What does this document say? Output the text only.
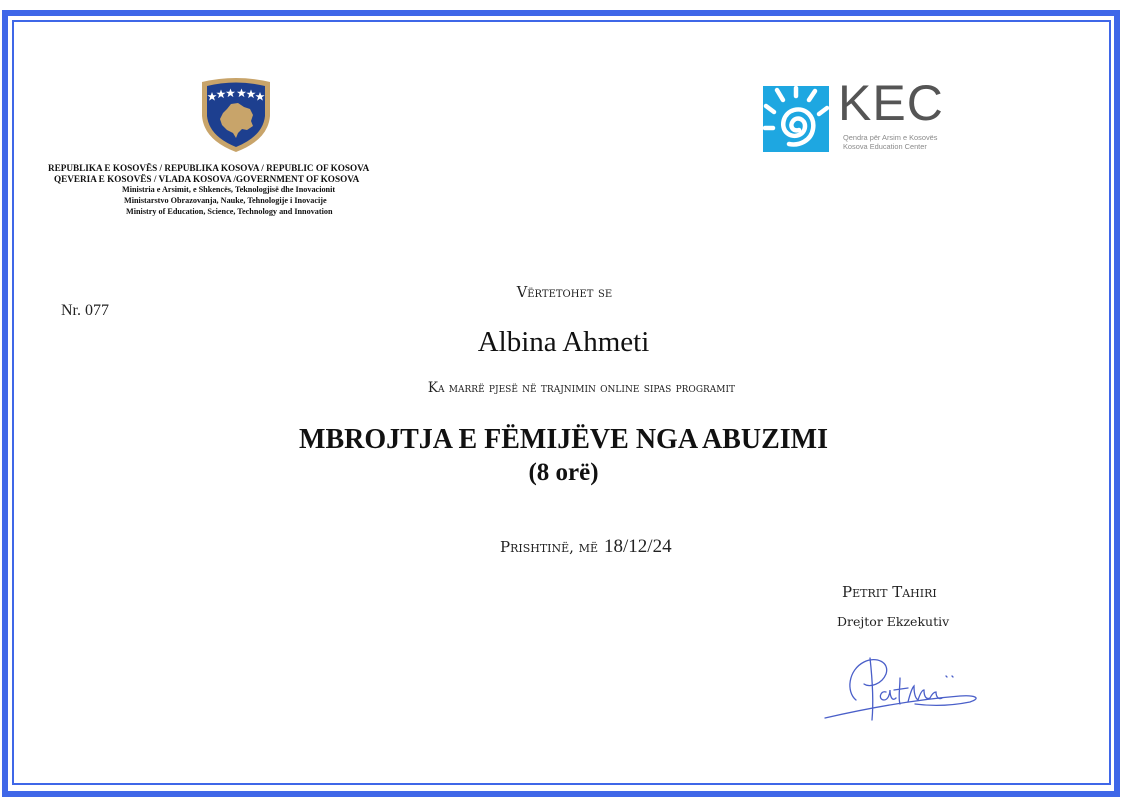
REPUBLIKA E KOSOVËS / REPUBLIKA KOSOVA / REPUBLIC OF KOSOVA
QEVERIA E KOSOVËS / VLADA KOSOVA /GOVERNMENT OF KOSOVA
Ministria e Arsimit, e Shkencës, Teknologjisë dhe Inovacionit
Ministarstvo Obrazovanja, Nauke, Tehnologije i Inovacije
Ministry of Education, Science, Technology and Innovation
KEC
Qendra për Arsim e Kosovës
Kosova Education Center
Nr. 077
Vërtetohet se
Albina Ahmeti
Ka marrë pjesë në trajnimin online sipas programit
MBROJTJA E FËMIJËVE NGA ABUZIMI
(8 orë)
Prishtinë, më 18/12/24
Petrit Tahiri
Drejtor Ekzekutiv
